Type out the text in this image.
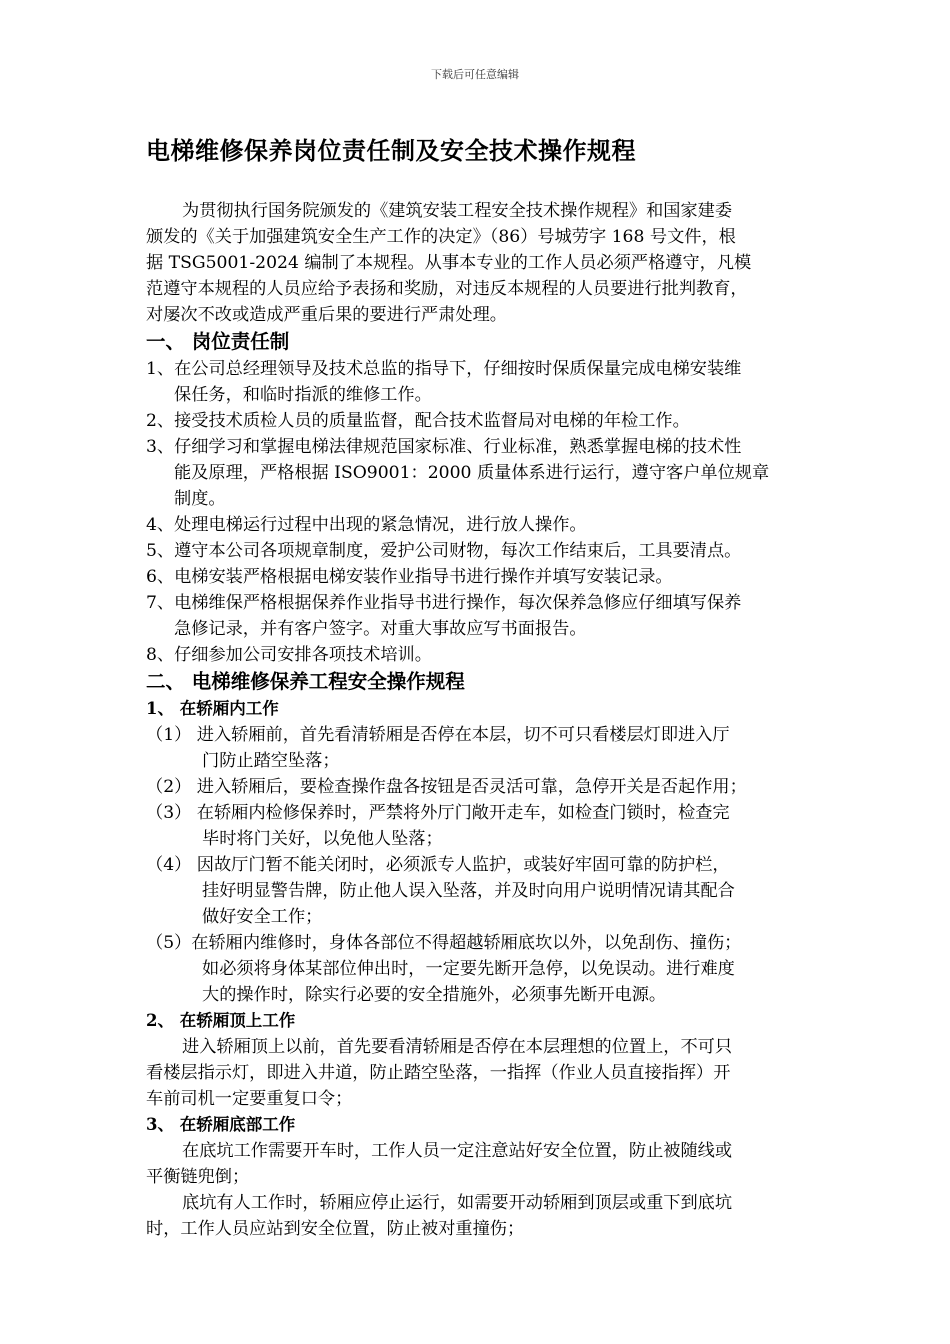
下载后可任意编辑
电梯维修保养岗位责任制及安全技术操作规程

为贯彻执行国务院颁发的《建筑安装工程安全技术操作规程》和国家建委
颁发的《关于加强建筑安全生产工作的决定》（86）号城劳字 168 号文件，根
据 TSG5001-2024 编制了本规程。从事本专业的工作人员必须严格遵守，凡模
范遵守本规程的人员应给予表扬和奖励，对违反本规程的人员要进行批判教育，
对屡次不改或造成严重后果的要进行严肃处理。

一、 岗位责任制

1、在公司总经理领导及技术总监的指导下，仔细按时保质保量完成电梯安装维
保任务，和临时指派的维修工作。
2、接受技术质检人员的质量监督，配合技术监督局对电梯的年检工作。
3、仔细学习和掌握电梯法律规范国家标准、行业标准，熟悉掌握电梯的技术性
能及原理，严格根据 ISO9001：2000 质量体系进行运行，遵守客户单位规章
制度。
4、处理电梯运行过程中出现的紧急情况，进行放人操作。
5、遵守本公司各项规章制度，爱护公司财物，每次工作结束后，工具要清点。
6、电梯安装严格根据电梯安装作业指导书进行操作并填写安装记录。
7、电梯维保严格根据保养作业指导书进行操作，每次保养急修应仔细填写保养
急修记录，并有客户签字。对重大事故应写书面报告。
8、仔细参加公司安排各项技术培训。

二、 电梯维修保养工程安全操作规程

1、 在轿厢内工作

（1） 进入轿厢前，首先看清轿厢是否停在本层，切不可只看楼层灯即进入厅
门防止踏空坠落；
（2） 进入轿厢后，要检查操作盘各按钮是否灵活可靠，急停开关是否起作用；
（3） 在轿厢内检修保养时，严禁将外厅门敞开走车，如检查门锁时，检查完
毕时将门关好，以免他人坠落；
（4） 因故厅门暂不能关闭时，必须派专人监护，或装好牢固可靠的防护栏，
挂好明显警告牌，防止他人误入坠落，并及时向用户说明情况请其配合
做好安全工作；
（5）在轿厢内维修时，身体各部位不得超越轿厢底坎以外，以免刮伤、撞伤；
如必须将身体某部位伸出时，一定要先断开急停，以免误动。进行难度
大的操作时，除实行必要的安全措施外，必须事先断开电源。

2、 在轿厢顶上工作

进入轿厢顶上以前，首先要看清轿厢是否停在本层理想的位置上，不可只
看楼层指示灯，即进入井道，防止踏空坠落，一指挥（作业人员直接指挥）开
车前司机一定要重复口令；

3、 在轿厢底部工作

在底坑工作需要开车时，工作人员一定注意站好安全位置，防止被随线或
平衡链兜倒；

底坑有人工作时，轿厢应停止运行，如需要开动轿厢到顶层或重下到底坑
时，工作人员应站到安全位置，防止被对重撞伤；
